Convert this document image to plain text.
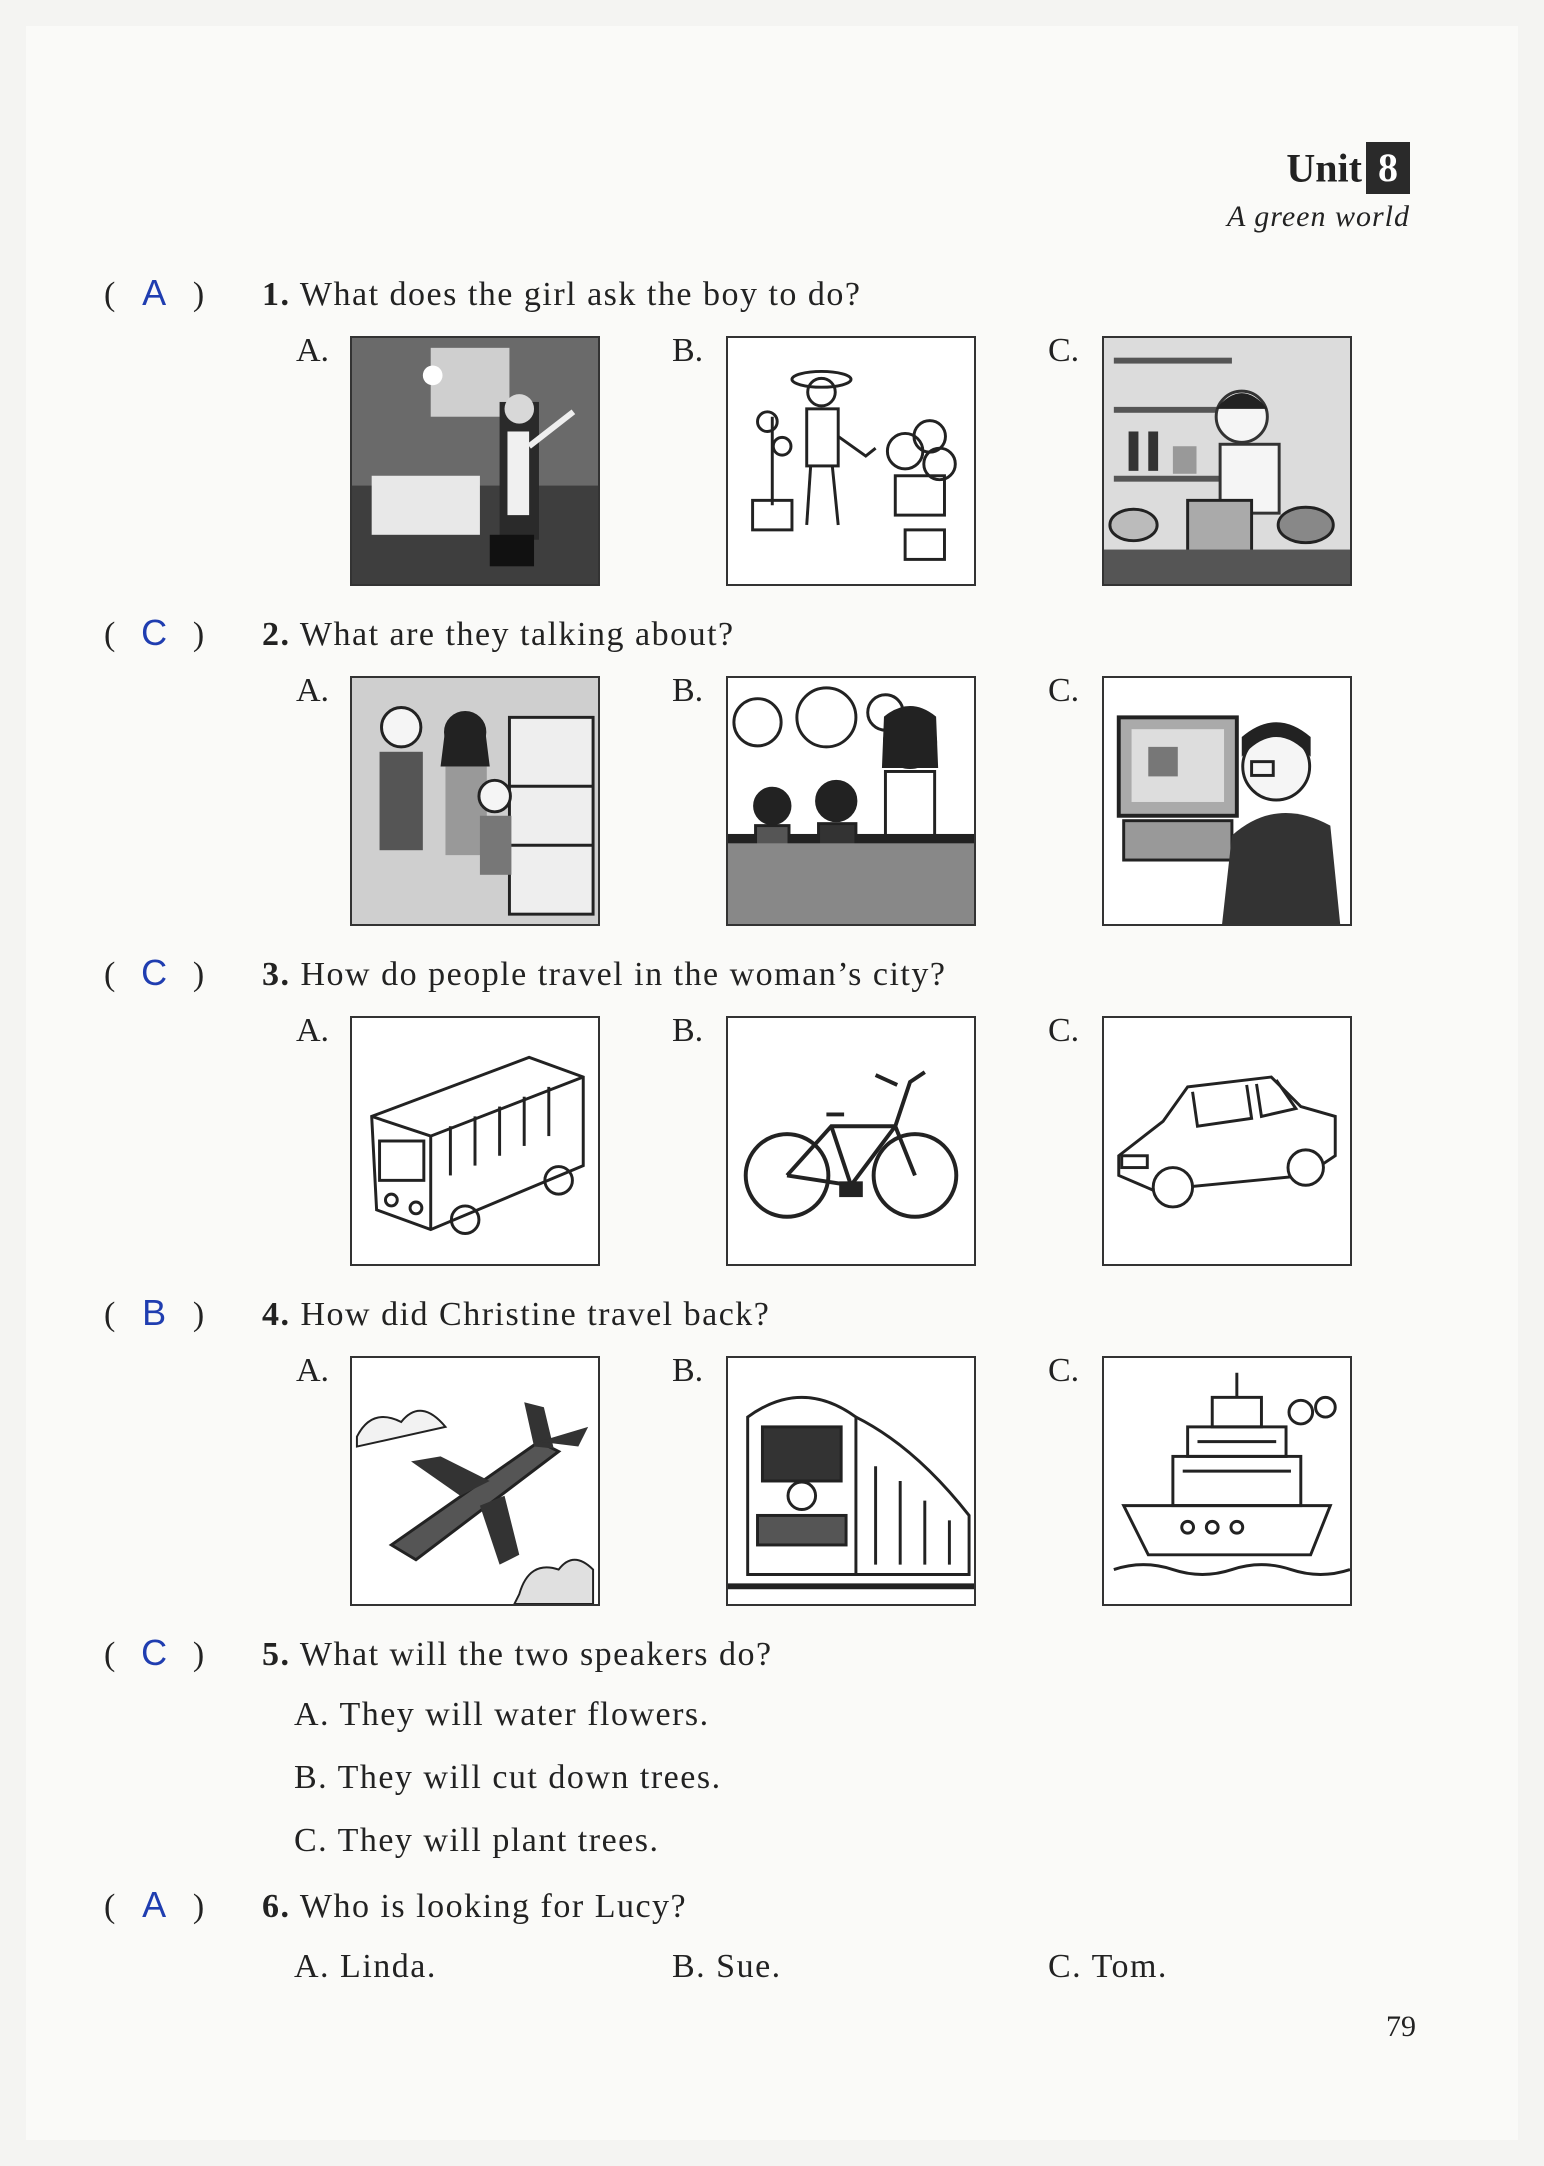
Unit 8
A green world
( A ) 1. What does the girl ask the boy to do?
A.	B.	C.
( C ) 2. What are they talking about?
A.	B.	C.
( C ) 3. How do people travel in the woman’s city?
A.	B.	C.
( B ) 4. How did Christine travel back?
A.	B.	C.
( C ) 5. What will the two speakers do?
A. They will water flowers.
B. They will cut down trees.
C. They will plant trees.
( A ) 6. Who is looking for Lucy?
A. Linda.	B. Sue.	C. Tom.
79
